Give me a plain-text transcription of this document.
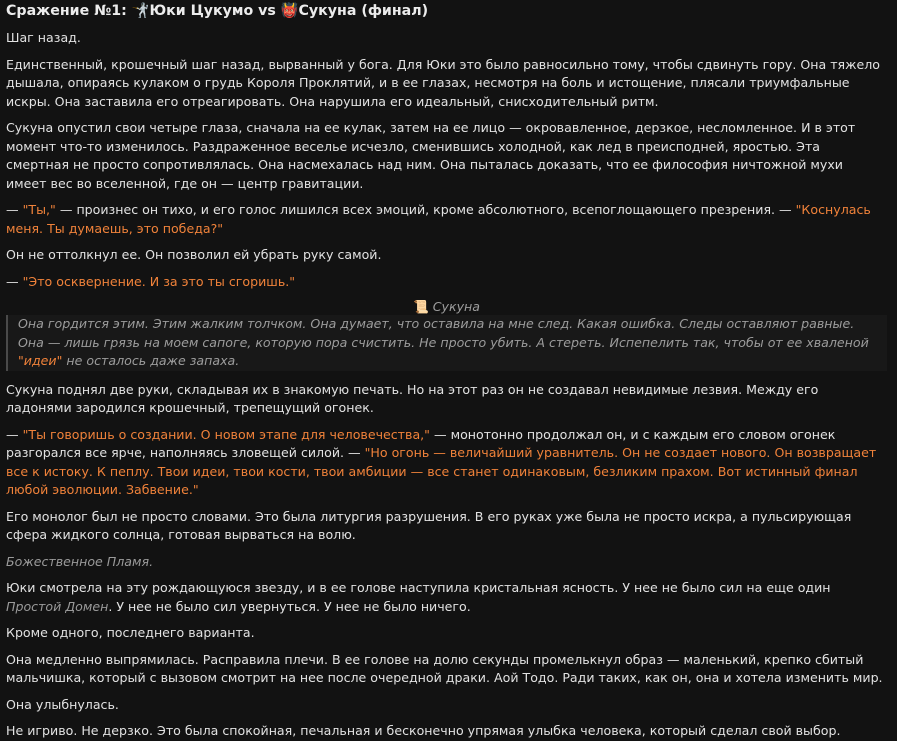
Сражение №1: 🤺Юки Цукумо vs 👹Сукуна (финал)

Шаг назад.

Единственный, крошечный шаг назад, вырванный у бога. Для Юки это было равносильно тому, чтобы сдвинуть гору. Она тяжело дышала, опираясь кулаком о грудь Короля Проклятий, и в ее глазах, несмотря на боль и истощение, плясали триумфальные искры. Она заставила его отреагировать. Она нарушила его идеальный, снисходительный ритм.

Сукуна опустил свои четыре глаза, сначала на ее кулак, затем на ее лицо — окровавленное, дерзкое, несломленное. И в этот момент что-то изменилось. Раздраженное веселье исчезло, сменившись холодной, как лед в преисподней, яростью. Эта смертная не просто сопротивлялась. Она насмехалась над ним. Она пыталась доказать, что ее философия ничтожной мухи имеет вес во вселенной, где он — центр гравитации.

— "Ты," — произнес он тихо, и его голос лишился всех эмоций, кроме абсолютного, всепоглощающего презрения. — "Коснулась меня. Ты думаешь, это победа?"

Он не оттолкнул ее. Он позволил ей убрать руку самой.

— "Это осквернение. И за это ты сгоришь."

📜 Сукуна
Она гордится этим. Этим жалким толчком. Она думает, что оставила на мне след. Какая ошибка. Следы оставляют равные. Она — лишь грязь на моем сапоге, которую пора счистить. Не просто убить. А стереть. Испепелить так, чтобы от ее хваленой "идеи" не осталось даже запаха.

Сукуна поднял две руки, складывая их в знакомую печать. Но на этот раз он не создавал невидимые лезвия. Между его ладонями зародился крошечный, трепещущий огонек.

— "Ты говоришь о создании. О новом этапе для человечества," — монотонно продолжал он, и с каждым его словом огонек разгорался все ярче, наполняясь зловещей силой. — "Но огонь — величайший уравнитель. Он не создает нового. Он возвращает все к истоку. К пеплу. Твои идеи, твои кости, твои амбиции — все станет одинаковым, безликим прахом. Вот истинный финал любой эволюции. Забвение."

Его монолог был не просто словами. Это была литургия разрушения. В его руках уже была не просто искра, а пульсирующая сфера жидкого солнца, готовая вырваться на волю.

Божественное Пламя.

Юки смотрела на эту рождающуюся звезду, и в ее голове наступила кристальная ясность. У нее не было сил на еще один Простой Домен. У нее не было сил увернуться. У нее не было ничего.

Кроме одного, последнего варианта.

Она медленно выпрямилась. Расправила плечи. В ее голове на долю секунды промелькнул образ — маленький, крепко сбитый мальчишка, который с вызовом смотрит на нее после очередной драки. Аой Тодо. Ради таких, как он, она и хотела изменить мир.

Она улыбнулась.

Не игриво. Не дерзко. Это была спокойная, печальная и бесконечно упрямая улыбка человека, который сделал свой выбор.
